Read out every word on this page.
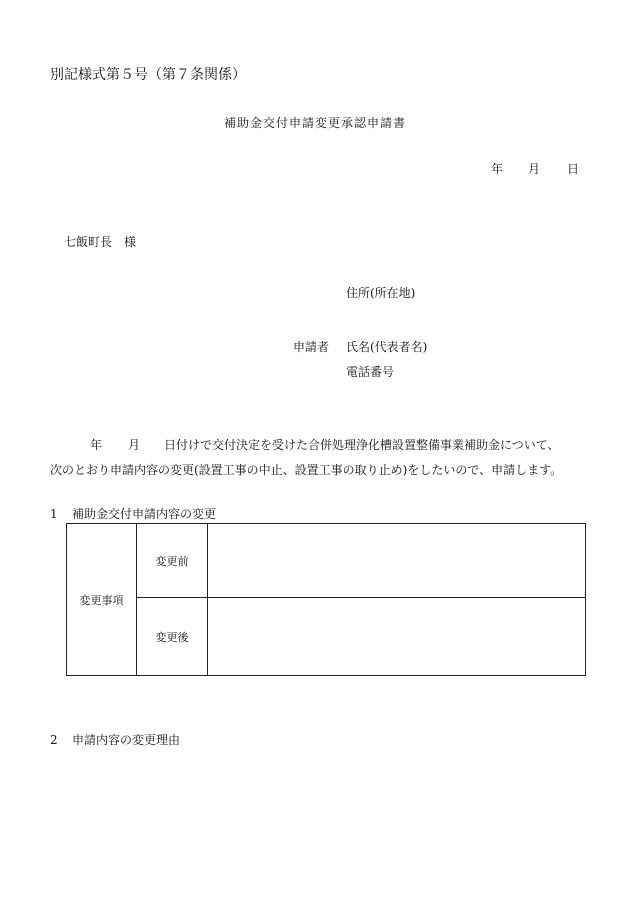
別記様式第５号（第７条関係）
補助金交付申請変更承認申請書
年	月	日
七飯町長　様
住所(所在地)
申請者 氏名(代表者名)
電話番号
年 月 日付けで交付決定を受けた合併処理浄化槽設置整備事業補助金について、
次のとおり申請内容の変更(設置工事の中止、設置工事の取り止め)をしたいので、申請します。
1 補助金交付申請内容の変更
変更事項	変更前	
	変更後	
2 申請内容の変更理由
